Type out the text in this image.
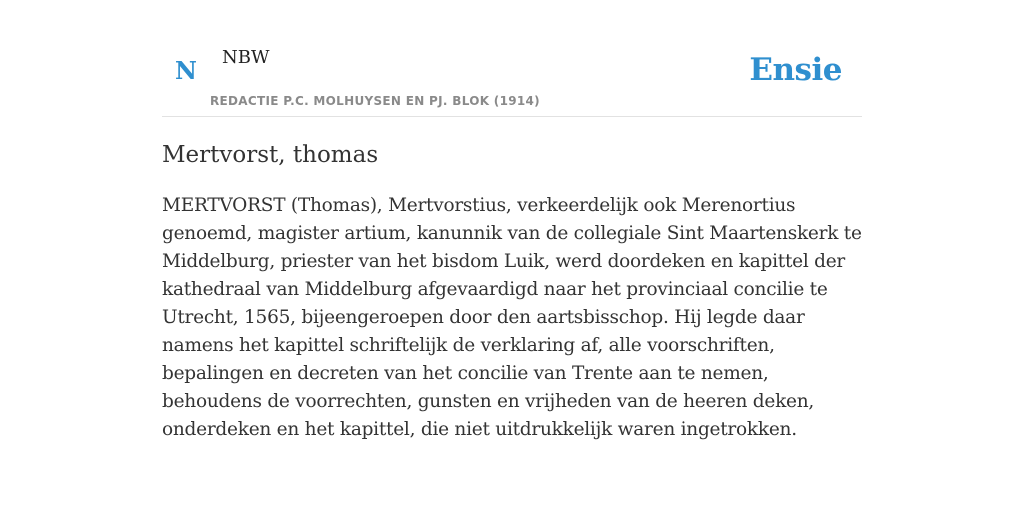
N	NBW
REDACTIE P.C. MOLHUYSEN EN PJ. BLOK (1914)
Ensie
Mertvorst, thomas

MERTVORST (Thomas), Mertvorstius, verkeerdelijk ook Merenortius genoemd, magister artium, kanunnik van de collegiale Sint Maartenskerk te Middelburg, priester van het bisdom Luik, werd doordeken en kapittel der kathedraal van Middelburg afgevaardigd naar het provinciaal concilie te Utrecht, 1565, bijeengeroepen door den aartsbisschop. Hij legde daar namens het kapittel schriftelijk de verklaring af, alle voorschriften, bepalingen en decreten van het concilie van Trente aan te nemen, behoudens de voorrechten, gunsten en vrijheden van de heeren deken, onderdeken en het kapittel, die niet uitdrukkelijk waren ingetrokken.
